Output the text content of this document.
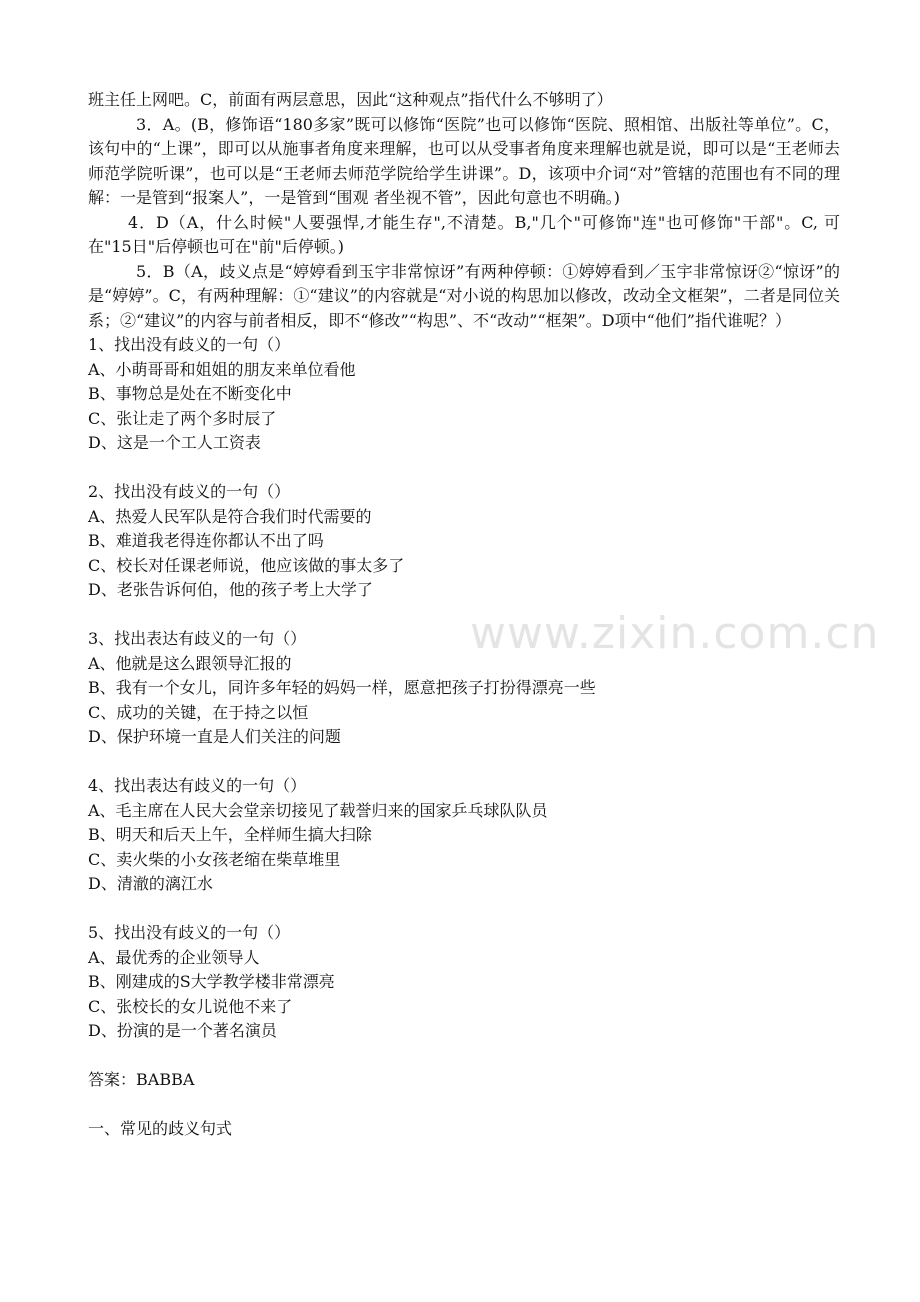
www.zixin.com.cn

班主任上网吧。C，前面有两层意思，因此“这种观点”指代什么不够明了）

3．A。(B，修饰语“180多家”既可以修饰“医院”也可以修饰“医院、照相馆、出版社等单位”。C，该句中的“上课”，即可以从施事者角度来理解，也可以从受事者角度来理解也就是说，即可以是“王老师去师范学院听课”，也可以是“王老师去师范学院给学生讲课”。D，该项中介词“对”管辖的范围也有不同的理解：一是管到“报案人”，一是管到“围观 者坐视不管”，因此句意也不明确。)

4．D（A，什么时候"人要强悍,才能生存",不清楚。B,"几个"可修饰"连"也可修饰"干部"。C, 可在"15日"后停顿也可在"前"后停顿。)

5．B（A，歧义点是“婷婷看到玉宇非常惊讶”有两种停顿：①婷婷看到／玉宇非常惊讶②“惊讶”的是“婷婷”。C，有两种理解：①“建议”的内容就是“对小说的构思加以修改，改动全文框架”，二者是同位关系；②“建议”的内容与前者相反，即不“修改”“构思”、不“改动”“框架”。D项中“他们”指代谁呢？）

1、找出没有歧义的一句（）

A、小萌哥哥和姐姐的朋友来单位看他

B、事物总是处在不断变化中

C、张让走了两个多时辰了

D、这是一个工人工资表

2、找出没有歧义的一句（）

A、热爱人民军队是符合我们时代需要的

B、难道我老得连你都认不出了吗

C、校长对任课老师说，他应该做的事太多了

D、老张告诉何伯，他的孩子考上大学了

3、找出表达有歧义的一句（）

A、他就是这么跟领导汇报的

B、我有一个女儿，同许多年轻的妈妈一样，愿意把孩子打扮得漂亮一些

C、成功的关键，在于持之以恒

D、保护环境一直是人们关注的问题

4、找出表达有歧义的一句（）

A、毛主席在人民大会堂亲切接见了载誉归来的国家乒乓球队队员

B、明天和后天上午，全样师生搞大扫除

C、卖火柴的小女孩老缩在柴草堆里

D、清澈的漓江水

5、找出没有歧义的一句（）

A、最优秀的企业领导人

B、刚建成的S大学教学楼非常漂亮

C、张校长的女儿说他不来了

D、扮演的是一个著名演员

答案：BABBA

一、常见的歧义句式
